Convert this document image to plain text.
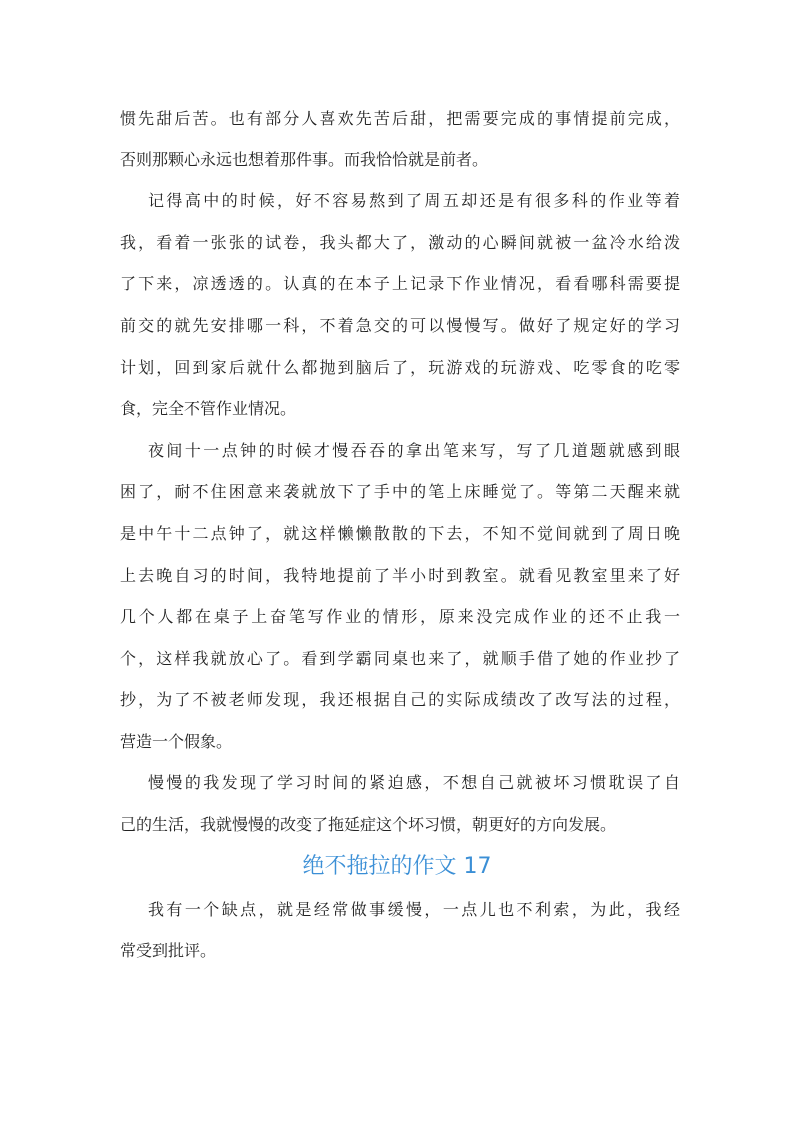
惯先甜后苦。也有部分人喜欢先苦后甜，把需要完成的事情提前完成，
否则那颗心永远也想着那件事。而我恰恰就是前者。
记得高中的时候，好不容易熬到了周五却还是有很多科的作业等着
我，看着一张张的试卷，我头都大了，激动的心瞬间就被一盆冷水给泼
了下来，凉透透的。认真的在本子上记录下作业情况，看看哪科需要提
前交的就先安排哪一科，不着急交的可以慢慢写。做好了规定好的学习
计划，回到家后就什么都抛到脑后了，玩游戏的玩游戏、吃零食的吃零
食，完全不管作业情况。
夜间十一点钟的时候才慢吞吞的拿出笔来写，写了几道题就感到眼
困了，耐不住困意来袭就放下了手中的笔上床睡觉了。等第二天醒来就
是中午十二点钟了，就这样懒懒散散的下去，不知不觉间就到了周日晚
上去晚自习的时间，我特地提前了半小时到教室。就看见教室里来了好
几个人都在桌子上奋笔写作业的情形，原来没完成作业的还不止我一
个，这样我就放心了。看到学霸同桌也来了，就顺手借了她的作业抄了
抄，为了不被老师发现，我还根据自己的实际成绩改了改写法的过程，
营造一个假象。
慢慢的我发现了学习时间的紧迫感，不想自己就被坏习惯耽误了自
己的生活，我就慢慢的改变了拖延症这个坏习惯，朝更好的方向发展。
绝不拖拉的作文 17
我有一个缺点，就是经常做事缓慢，一点儿也不利索，为此，我经
常受到批评。
